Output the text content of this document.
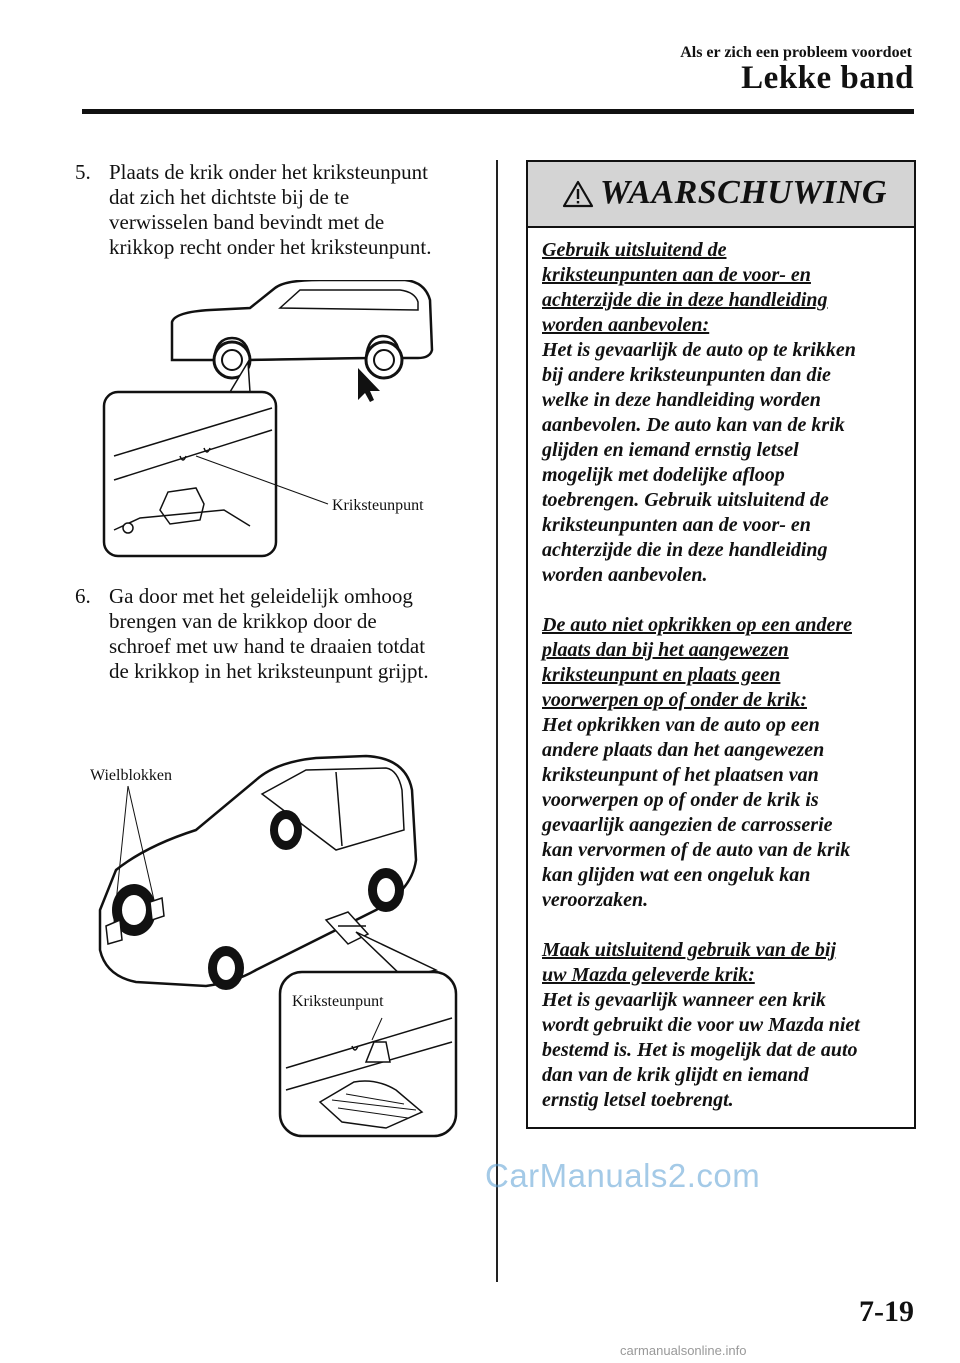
Als er zich een probleem voordoet
Lekke band
5. Plaats de krik onder het kriksteunpunt
dat zich het dichtste bij de te
verwisselen band bevindt met de
krikkop recht onder het kriksteunpunt.
Kriksteunpunt
6. Ga door met het geleidelijk omhoog
brengen van de krikkop door de
schroef met uw hand te draaien totdat
de krikkop in het kriksteunpunt grijpt.
Wielblokken
Kriksteunpunt
WAARSCHUWING
Gebruik uitsluitend de
kriksteunpunten aan de voor- en
achterzijde die in deze handleiding
worden aanbevolen:
Het is gevaarlijk de auto op te krikken
bij andere kriksteunpunten dan die
welke in deze handleiding worden
aanbevolen. De auto kan van de krik
glijden en iemand ernstig letsel
mogelijk met dodelijke afloop
toebrengen. Gebruik uitsluitend de
kriksteunpunten aan de voor- en
achterzijde die in deze handleiding
worden aanbevolen.
De auto niet opkrikken op een andere
plaats dan bij het aangewezen
kriksteunpunt en plaats geen
voorwerpen op of onder de krik:
Het opkrikken van de auto op een
andere plaats dan het aangewezen
kriksteunpunt of het plaatsen van
voorwerpen op of onder de krik is
gevaarlijk aangezien de carrosserie
kan vervormen of de auto van de krik
kan glijden wat een ongeluk kan
veroorzaken.
Maak uitsluitend gebruik van de bij
uw Mazda geleverde krik:
Het is gevaarlijk wanneer een krik
wordt gebruikt die voor uw Mazda niet
bestemd is. Het is mogelijk dat de auto
dan van de krik glijdt en iemand
ernstig letsel toebrengt.
CarManuals2.com
7-19
carmanualsonline.info
